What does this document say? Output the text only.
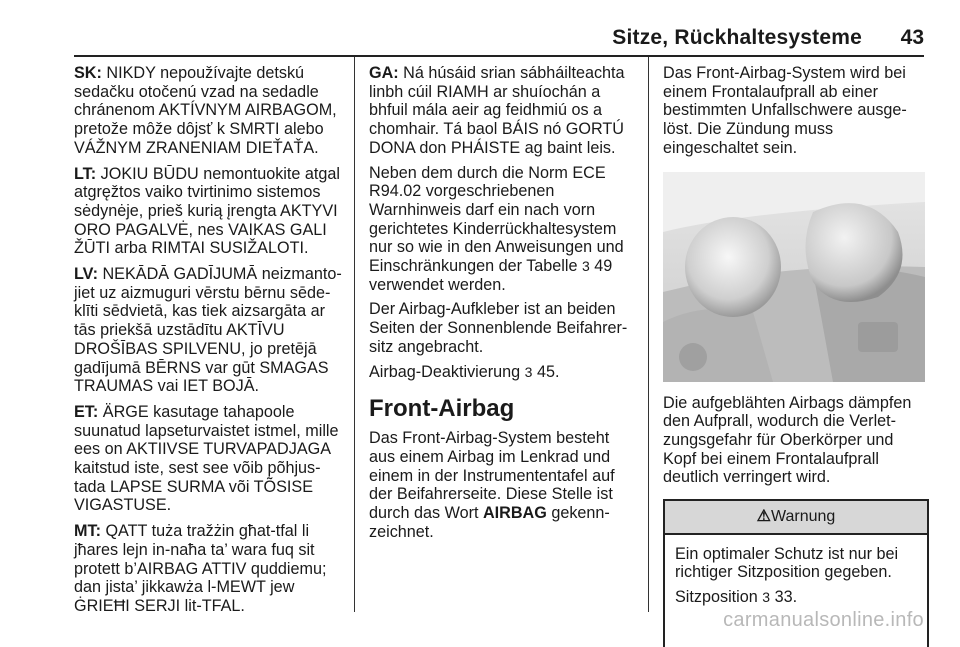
Sitze, Rückhaltesysteme 43

SK: NIKDY nepoužívajte detskú sedačku otočenú vzad na sedadle chránenom AKTÍVNYM AIRBAGOM, pretože môže dôjsť k SMRTI alebo VÁŽNYM ZRANENIAM DIEŤAŤA.

LT: JOKIU BŪDU nemontuokite atgal atgręžtos vaiko tvirtinimo sistemos sėdynėje, prieš kurią įrengta AKTYVI ORO PAGALVĖ, nes VAIKAS GALI ŽŪTI arba RIMTAI SUSIŽALOTI.

LV: NEKĀDĀ GADĪJUMĀ neizmanto-jiet uz aizmuguri vērstu bērnu sēde-klīti sēdvietā, kas tiek aizsargāta ar tās priekšā uzstādītu AKTĪVU DROŠĪBAS SPILVENU, jo pretējā gadījumā BĒRNS var gūt SMAGAS TRAUMAS vai IET BOJĀ.

ET: ÄRGE kasutage tahapoole suunatud lapseturvaistet istmel, mille ees on AKTIIVSE TURVAPADJAGA kaitstud iste, sest see võib põhjus-tada LAPSE SURMA või TÕSISE VIGASTUSE.

MT: QATT tuża tražżin għat-tfal li jħares lejn in-naħa ta’ wara fuq sit protett b’AIRBAG ATTIV quddiemu; dan jista’ jikkawża l-MEWT jew ĠRIEĦI SERJI lit-TFAL.

GA: Ná húsáid srian sábháilteachta linbh cúil RIAMH ar shuíochán a bhfuil mála aeir ag feidhmiú os a chomhair. Tá baol BÁIS nó GORTÚ DONA don PHÁISTE ag baint leis.

Neben dem durch die Norm ECE R94.02 vorgeschriebenen Warnhinweis darf ein nach vorn gerichtetes Kinderrückhaltesystem nur so wie in den Anweisungen und Einschränkungen der Tabelle 3 49 verwendet werden.

Der Airbag-Aufkleber ist an beiden Seiten der Sonnenblende Beifahrer-sitz angebracht.

Airbag-Deaktivierung 3 45.

Front-Airbag

Das Front-Airbag-System besteht aus einem Airbag im Lenkrad und einem in der Instrumententafel auf der Beifahrerseite. Diese Stelle ist durch das Wort AIRBAG gekenn-zeichnet.

Das Front-Airbag-System wird bei einem Frontalaufprall ab einer bestimmten Unfallschwere ausge-löst. Die Zündung muss eingeschaltet sein.

Die aufgeblähten Airbags dämpfen den Aufprall, wodurch die Verlet-zungsgefahr für Oberkörper und Kopf bei einem Frontalaufprall deutlich verringert wird.

⚠Warnung

Ein optimaler Schutz ist nur bei richtiger Sitzposition gegeben.

Sitzposition 3 33.

carmanualsonline.info
